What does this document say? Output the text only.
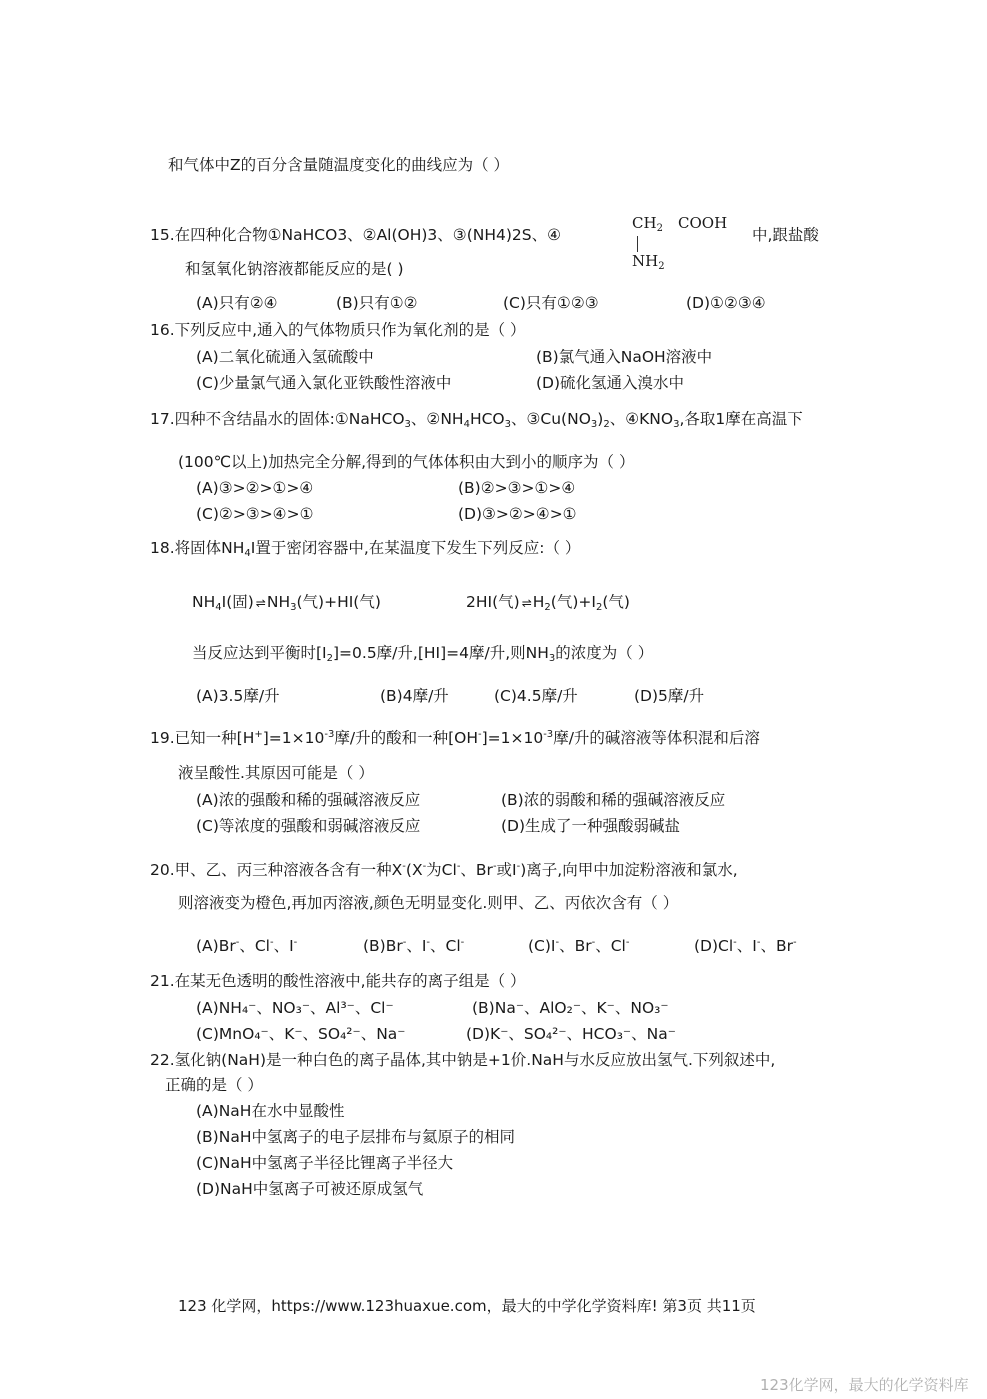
和气体中Z的百分含量随温度变化的曲线应为（ ）
15.在四种化合物①NaHCO3、②Al(OH)3、③(NH4)2S、④
$CH_2$ COOH
$NH_2$
中,跟盐酸
和氢氧化钠溶液都能反应的是( )
(A)只有②④	(B)只有①②	(C)只有①②③	(D)①②③④
16.下列反应中,通入的气体物质只作为氧化剂的是（ ）
(A)二氧化硫通入氢硫酸中	(B)氯气通入NaOH溶液中
(C)少量氯气通入氯化亚铁酸性溶液中	(D)硫化氢通入溴水中
17.四种不含结晶水的固体:①NaHCO$_3$、$②NH_4HCO_3$、$③Cu(NO_3)_2$、$④KNO_3$,各取1摩在高温下
(100℃以上)加热完全分解,得到的气体体积由大到小的顺序为（ ）
(A)③>②>①>④	(B)②>③>①>④
(C)②>③>④>①	(D)③>②>④>①
18.将固体$NH_4I$置于密闭容器中,在某温度下发生下列反应:（ ）
$NH_4I$(固) ⇌ $NH_3$(气)+HI(气)	2HI(气) ⇌ $H_2$(气)$+I_2$(气)
当反应达到平衡时$[I_2]=0.5$摩/升,[HI]=4摩/升,则$NH_3$的浓度为（ ）
(A)3.5摩/升	(B)4摩/升	(C)4.5摩/升	(D)5摩/升
19.已知一种$[H^+]=1\times 10^{-3}$摩/升的酸和一种$[OH^-]=1\times 10^{-3}$摩/升的碱溶液等体积混和后溶
液呈酸性.其原因可能是（ ）
(A)浓的强酸和稀的强碱溶液反应	(B)浓的弱酸和稀的强碱溶液反应
(C)等浓度的强酸和弱碱溶液反应	(D)生成了一种强酸弱碱盐
20.甲、乙、丙三种溶液各含有一种X-(X-为Cl-、Br-或I-)离子,向甲中加淀粉溶液和氯水,
则溶液变为橙色,再加丙溶液,颜色无明显变化.则甲、乙、丙依次含有（ ）
(A)Br-、Cl-、I-	(B)Br-、I-、Cl-	(C)I-、Br-、Cl-	(D)Cl-、I-、Br-
21.在某无色透明的酸性溶液中,能共存的离子组是（ ）
(A)NH₄⁻、NO₃⁻、Al³⁻、Cl⁻	(B)Na⁻、AlO₂⁻、K⁻、NO₃⁻
(C)MnO₄⁻、K⁻、SO₄²⁻、Na⁻	(D)K⁻、SO₄²⁻、HCO₃⁻、Na⁻
22.氢化钠(NaH)是一种白色的离子晶体,其中钠是+1价.NaH与水反应放出氢气.下列叙述中,
正确的是（ ）
(A)NaH在水中显酸性
(B)NaH中氢离子的电子层排布与氦原子的相同
(C)NaH中氢离子半径比锂离子半径大
(D)NaH中氢离子可被还原成氢气
123 化学网，https://www.123huaxue.com，最大的中学化学资料库! 第3页 共11页
123化学网，最大的化学资料库
